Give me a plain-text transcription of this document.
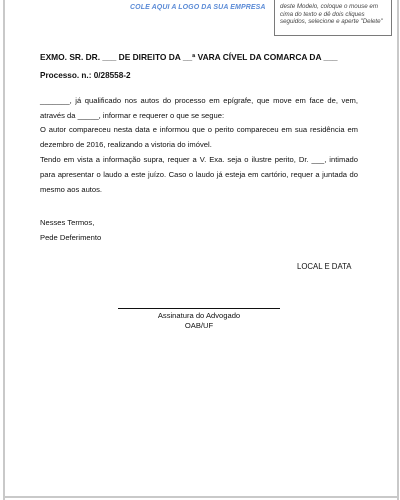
COLE AQUI A LOGO DA SUA EMPRESA	deste Modelo, coloque o mouse em cima do texto e dê dois cliques seguidos, selecione e aperte "Delete"
EXMO. SR. DR. ___ DE DIREITO DA __ª VARA CÍVEL DA COMARCA DA ___
Processo. n.: 0/28558-2
_______, já qualificado nos autos do processo em epígrafe, que move em face de, vem, através da _____, informar e requerer o que se segue:
O autor compareceu nesta data e informou que o perito compareceu em sua residência em dezembro de 2016, realizando a vistoria do imóvel.
Tendo em vista a informação supra, requer a V. Exa. seja o ilustre perito, Dr. ___, intimado para apresentar o laudo a este juízo. Caso o laudo já esteja em cartório, requer a juntada do mesmo aos autos.
Nesses Termos,
Pede Deferimento
LOCAL E DATA
Assinatura do Advogado
OAB/UF
